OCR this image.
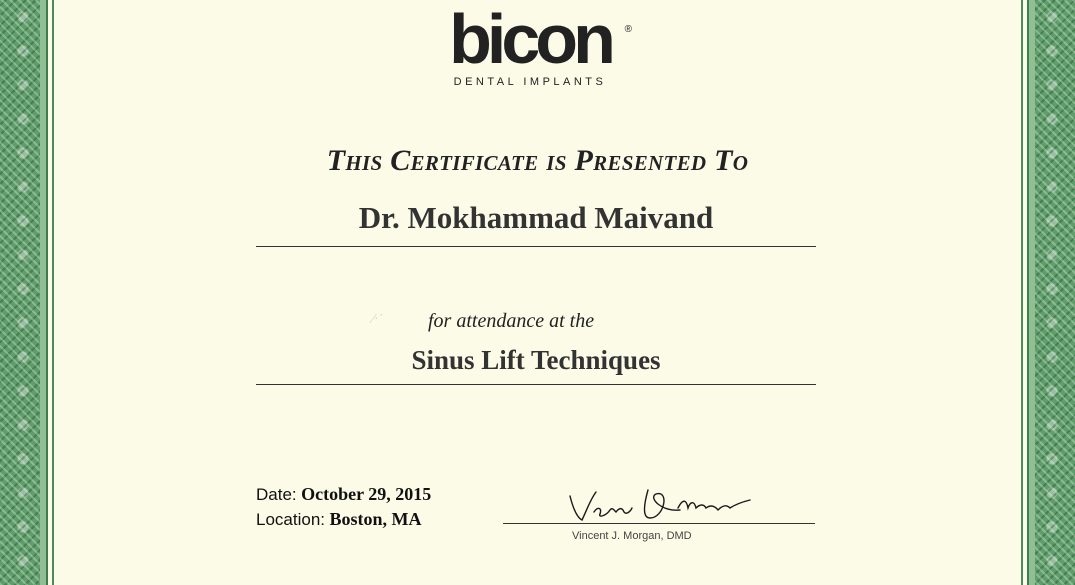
bicon	®
DENTAL IMPLANTS
This Certificate is Presented To
Dr. Mokhammad Maivand
∕·˙	for attendance at the
Sinus Lift Techniques
Date: October 29, 2015
Location: Boston, MA
Vincent J. Morgan, DMD
